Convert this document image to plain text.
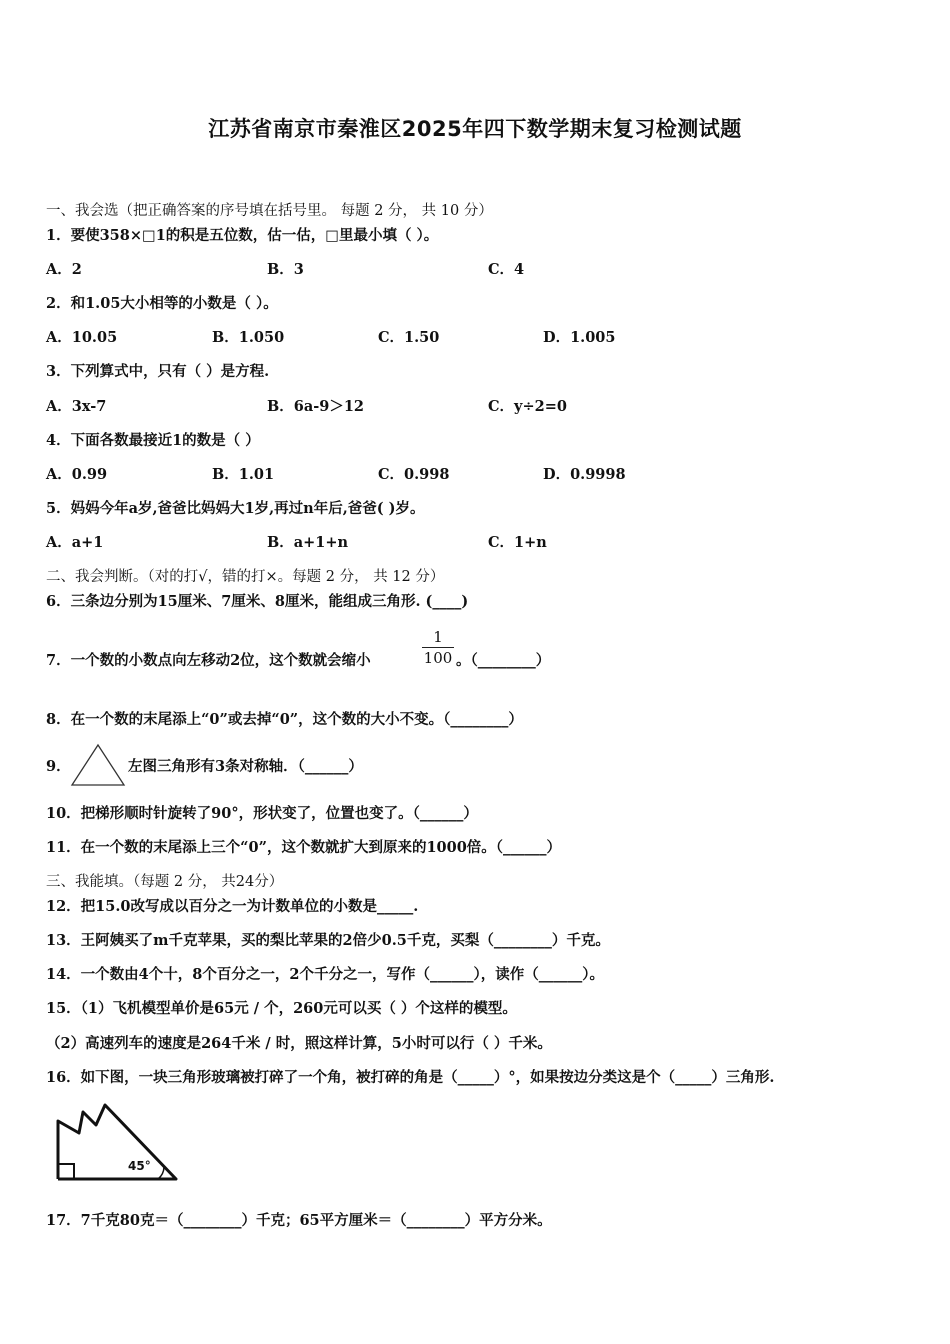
江苏省南京市秦淮区2025年四下数学期末复习检测试题
一、我会选（把正确答案的序号填在括号里。 每题 2 分， 共 10 分）
1．要使358×□1的积是五位数，估一估，□里最小填（ ）。
A．2	B．3	C．4
2．和1.05大小相等的小数是（ ）。
A．10.05	B．1.050	C．1.50	D．1.005
3．下列算式中，只有（ ）是方程.
A．3x-7	B．6a-9＞12	C．y÷2=0
4．下面各数最接近1的数是（ ）
A．0.99	B．1.01	C．0.998	D．0.9998
5．妈妈今年a岁,爸爸比妈妈大1岁,再过n年后,爸爸( )岁。
A．a+1	B．a+1+n	C．1+n
二、我会判断。（对的打√，错的打×。每题 2 分， 共 12 分）
6．三条边分别为15厘米、7厘米、8厘米，能组成三角形. (____)
7．一个数的小数点向左移动2位，这个数就会缩小
1
100 。（________）
8．在一个数的末尾添上“0”或去掉“0”，这个数的大小不变。（________）
9．	左图三角形有3条对称轴．（______）
10．把梯形顺时针旋转了90°，形状变了，位置也变了。（______）
11．在一个数的末尾添上三个“0”，这个数就扩大到原来的1000倍。（______）
三、我能填。（每题 2 分， 共24分）
12．把15.0改写成以百分之一为计数单位的小数是_____.
13．王阿姨买了m千克苹果，买的梨比苹果的2倍少0.5千克，买梨（________）千克。
14．一个数由4个十，8个百分之一，2个千分之一，写作（______），读作（______）。
15．（1）飞机模型单价是65元 / 个，260元可以买（ ）个这样的模型。
（2）高速列车的速度是264千米 / 时，照这样计算，5小时可以行（ ）千米。
16．如下图，一块三角形玻璃被打碎了一个角，被打碎的角是（_____）°，如果按边分类这是个（_____）三角形.
45°
17．7千克80克＝（________）千克；65平方厘米＝（________）平方分米。
